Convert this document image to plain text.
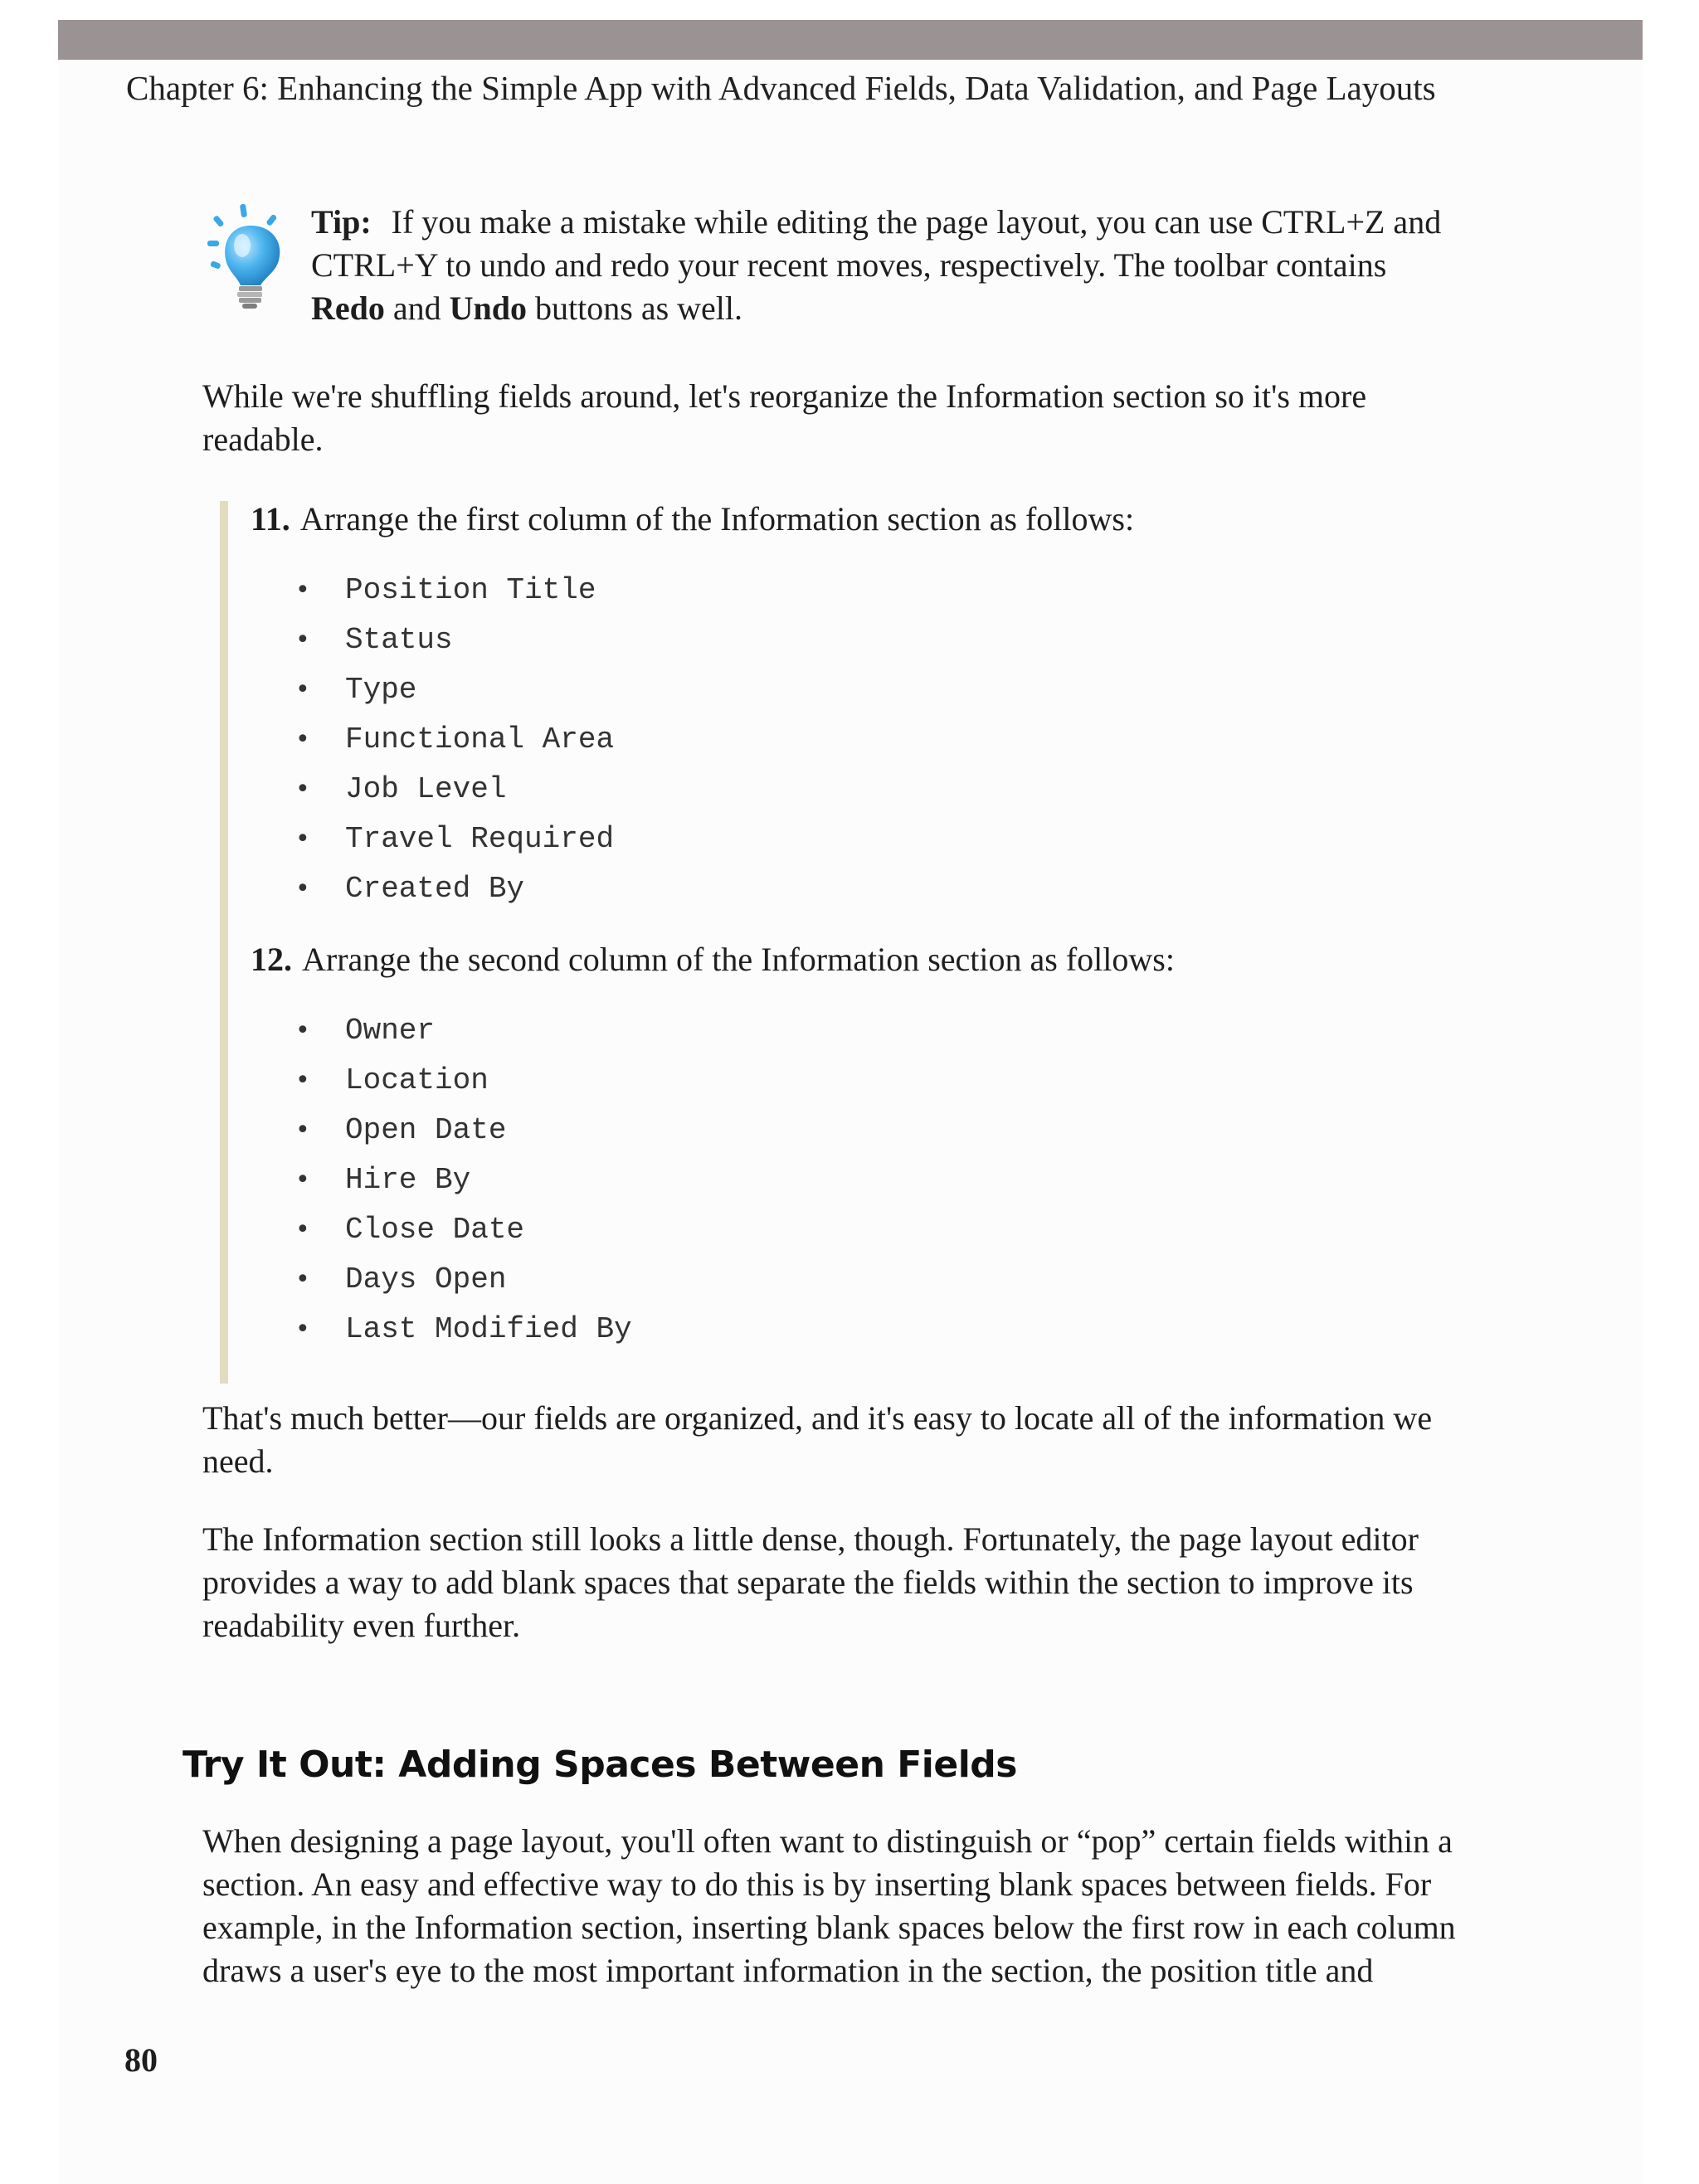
Chapter 6: Enhancing the Simple App with Advanced Fields, Data Validation, and Page Layouts
Tip: If you make a mistake while editing the page layout, you can use CTRL+Z and CTRL+Y to undo and redo your recent moves, respectively. The toolbar contains Redo and Undo buttons as well.
While we're shuffling fields around, let's reorganize the Information section so it's more readable.
11. Arrange the first column of the Information section as follows:
• Position Title
• Status
• Type
• Functional Area
• Job Level
• Travel Required
• Created By
12. Arrange the second column of the Information section as follows:
• Owner
• Location
• Open Date
• Hire By
• Close Date
• Days Open
• Last Modified By
That's much better—our fields are organized, and it's easy to locate all of the information we need.
The Information section still looks a little dense, though. Fortunately, the page layout editor provides a way to add blank spaces that separate the fields within the section to improve its readability even further.
Try It Out: Adding Spaces Between Fields
When designing a page layout, you'll often want to distinguish or “pop” certain fields within a section. An easy and effective way to do this is by inserting blank spaces between fields. For example, in the Information section, inserting blank spaces below the first row in each column draws a user's eye to the most important information in the section, the position title and
80
